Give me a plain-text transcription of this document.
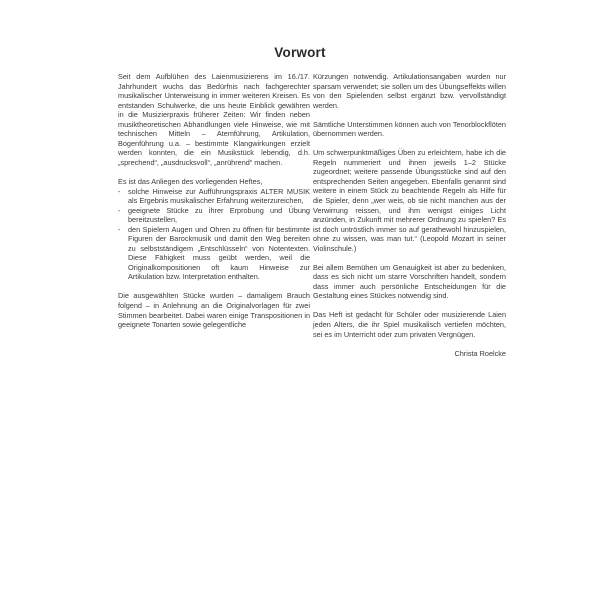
Vorwort

Seit dem Aufblühen des Laienmusizierens im 16./17. Jahrhundert wuchs das Bedürfnis nach fachgerechter musikalischer Unterweisung in immer weiteren Kreisen. Es entstanden Schulwerke, die uns heute Einblick gewähren in die Musizierpraxis früherer Zeiten: Wir finden neben musiktheoretischen Abhandlungen viele Hinweise, wie mit technischen Mitteln – Atemführung, Artikulation, Bogenführung u.a. – bestimmte Klangwirkungen erzielt werden konnten, die ein Musikstück lebendig, d.h. „sprechend“, „ausdrucksvoll“, „anrührend“ machen.

Es ist das Anliegen des vorliegenden Heftes,

- solche Hinweise zur Aufführungspraxis ALTER MUSIK als Ergebnis musikalischer Erfahrung weiterzureichen,
- geeignete Stücke zu ihrer Erprobung und Übung bereitzustellen,
- den Spielern Augen und Ohren zu öffnen für bestimmte Figuren der Barockmusik und damit den Weg bereiten zu selbstständigem „Entschlüsseln“ von Notentexten. Diese Fähigkeit muss geübt werden, weil die Originalkompositionen oft kaum Hinweise zur Artikulation bzw. Interpretation enthalten.

Die ausgewählten Stücke wurden – damaligem Brauch folgend – in Anlehnung an die Originalvorlagen für zwei Stimmen bearbeitet. Dabei waren einige Transpositionen in geeignete Tonarten sowie gelegentliche

Kürzungen notwendig. Artikulationsangaben wurden nur sparsam verwendet; sie sollen um des Übungseffekts willen von den Spielenden selbst ergänzt bzw. vervollständigt werden.

Sämtliche Unterstimmen können auch von Tenorblockflöten übernommen werden.

Um schwerpunktmäßiges Üben zu erleichtern, habe ich die Regeln nummeriert und ihnen jeweils 1–2 Stücke zugeordnet; weitere passende Übungsstücke sind auf den entsprechenden Seiten angegeben. Ebenfalls genannt sind weitere in einem Stück zu beachtende Regeln als Hilfe für die Spieler, denn „wer weis, ob sie nicht manchen aus der Verwirrung reissen, und ihm wenigst einiges Licht anzünden, in Zukunft mit mehrerer Ordnung zu spielen? Es ist doch untröstlich immer so auf gerathewohl hinzuspielen, ohne zu wissen, was man tut.“ (Leopold Mozart in seiner Violinschule.)

Bei allem Bemühen um Genauigkeit ist aber zu bedenken, dass es sich nicht um starre Vorschriften handelt, sondern dass immer auch persönliche Entscheidungen für die Gestaltung eines Stückes notwendig sind.

Das Heft ist gedacht für Schüler oder musizierende Laien jeden Alters, die ihr Spiel musikalisch vertiefen möchten, sei es im Unterricht oder zum privaten Vergnügen.

Christa Roelcke
